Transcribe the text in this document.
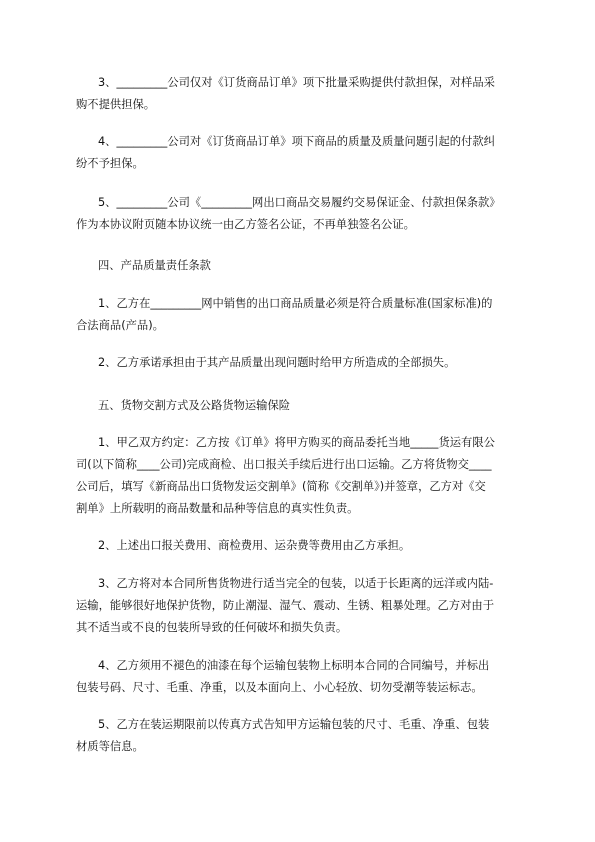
3、_________公司仅对《订货商品订单》项下批量采购提供付款担保，对样品采
购不提供担保。
4、_________公司对《订货商品订单》项下商品的质量及质量问题引起的付款纠
纷不予担保。
5、_________公司《_________网出口商品交易履约交易保证金、付款担保条款》
作为本协议附页随本协议统一由乙方签名公证，不再单独签名公证。
四、产品质量责任条款
1、乙方在_________网中销售的出口商品质量必须是符合质量标准(国家标准)的
合法商品(产品)。
2、乙方承诺承担由于其产品质量出现问题时给甲方所造成的全部损失。
五、货物交割方式及公路货物运输保险
1、甲乙双方约定：乙方按《订单》将甲方购买的商品委托当地_____货运有限公
司(以下简称____公司)完成商检、出口报关手续后进行出口运输。乙方将货物交____
公司后，填写《新商品出口货物发运交割单》(简称《交割单》)并签章，乙方对《交
割单》上所载明的商品数量和品种等信息的真实性负责。
2、上述出口报关费用、商检费用、运杂费等费用由乙方承担。
3、乙方将对本合同所售货物进行适当完全的包装，以适于长距离的远洋或内陆-
运输，能够很好地保护货物，防止潮湿、湿气、震动、生锈、粗暴处理。乙方对由于
其不适当或不良的包装所导致的任何破坏和损失负责。
4、乙方须用不褪色的油漆在每个运输包装物上标明本合同的合同编号，并标出
包装号码、尺寸、毛重、净重，以及本面向上、小心轻放、切勿受潮等装运标志。
5、乙方在装运期限前以传真方式告知甲方运输包装的尺寸、毛重、净重、包装
材质等信息。
